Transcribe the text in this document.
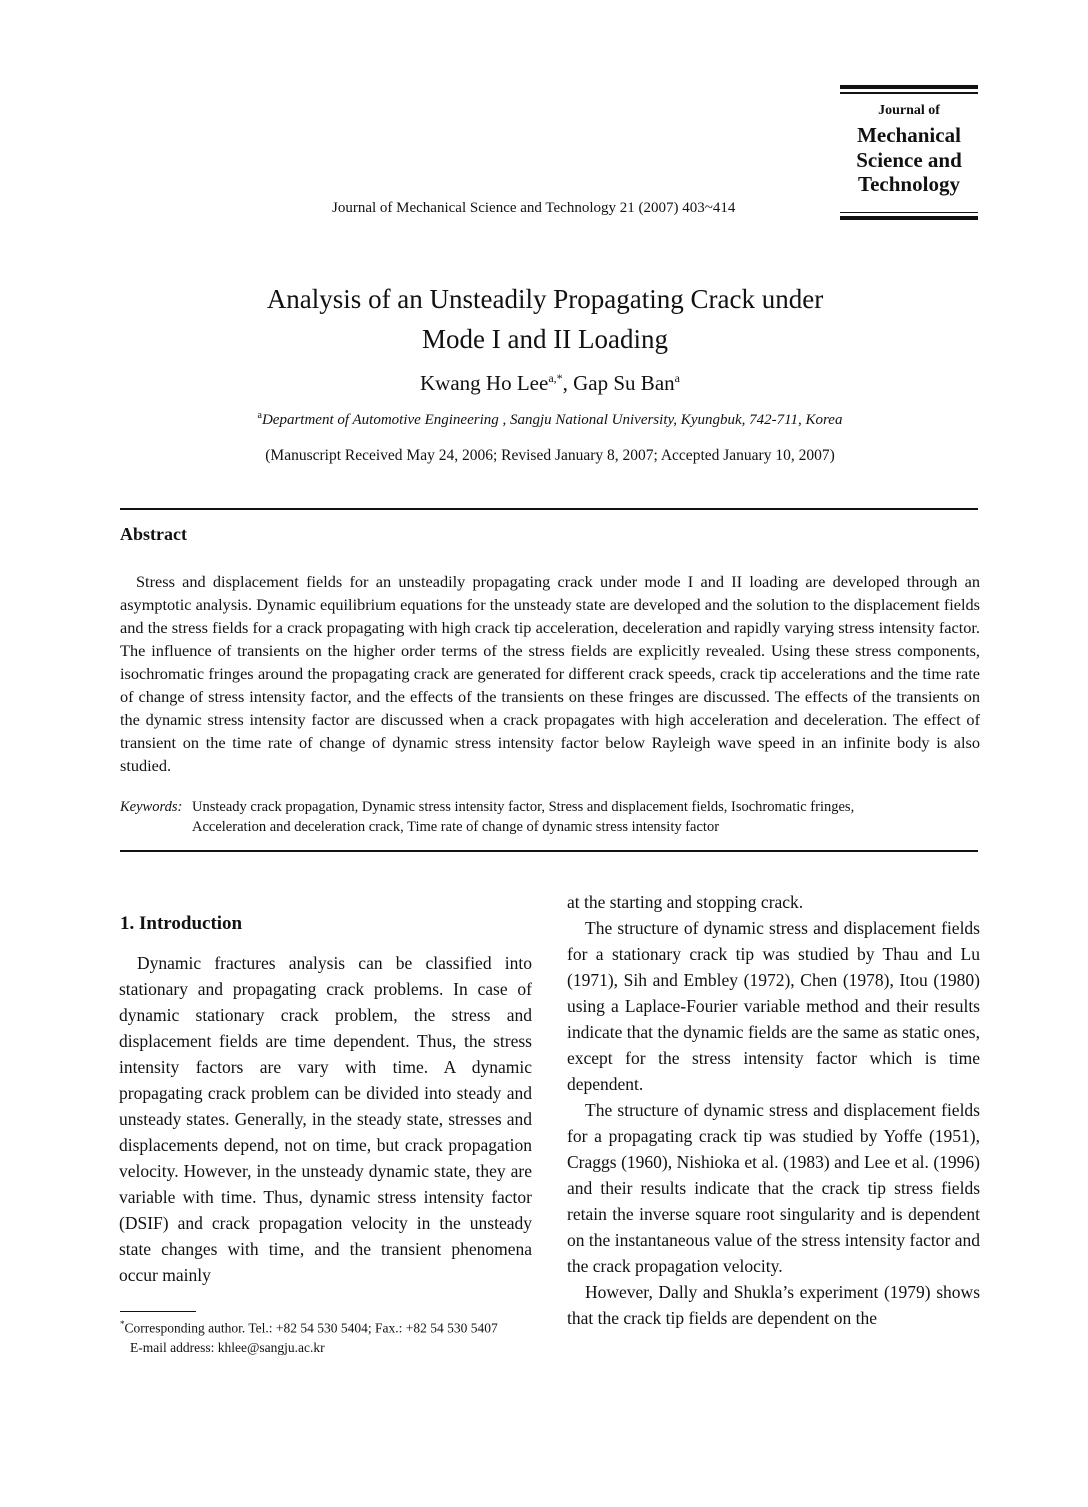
Journal of
Mechanical
Science and
Technology
Journal of Mechanical Science and Technology 21 (2007) 403~414
Analysis of an Unsteadily Propagating Crack under
Mode I and II Loading
Kwang Ho Lee$^{a,*}$, Gap Su Ban$^a$
$^a$Department of Automotive Engineering , Sangju National University, Kyungbuk, 742-711, Korea
(Manuscript Received May 24, 2006; Revised January 8, 2007; Accepted January 10, 2007)
Abstract
Stress and displacement fields for an unsteadily propagating crack under mode I and II loading are developed through an asymptotic analysis. Dynamic equilibrium equations for the unsteady state are developed and the solution to the displacement fields and the stress fields for a crack propagating with high crack tip acceleration, deceleration and rapidly varying stress intensity factor. The influence of transients on the higher order terms of the stress fields are explicitly revealed. Using these stress components, isochromatic fringes around the propagating crack are generated for different crack speeds, crack tip accelerations and the time rate of change of stress intensity factor, and the effects of the transients on these fringes are discussed. The effects of the transients on the dynamic stress intensity factor are discussed when a crack propagates with high acceleration and deceleration. The effect of transient on the time rate of change of dynamic stress intensity factor below Rayleigh wave speed in an infinite body is also studied.
Keywords: Unsteady crack propagation, Dynamic stress intensity factor, Stress and displacement fields, Isochromatic fringes,
Acceleration and deceleration crack, Time rate of change of dynamic stress intensity factor
1. Introduction

Dynamic fractures analysis can be classified into stationary and propagating crack problems. In case of dynamic stationary crack problem, the stress and displacement fields are time dependent. Thus, the stress intensity factors are vary with time. A dynamic propagating crack problem can be divided into steady and unsteady states. Generally, in the steady state, stresses and displacements depend, not on time, but crack propagation velocity. However, in the unsteady dynamic state, they are variable with time. Thus, dynamic stress intensity factor (DSIF) and crack propagation velocity in the unsteady state changes with time, and the transient phenomena occur mainly

at the starting and stopping crack.

The structure of dynamic stress and displacement fields for a stationary crack tip was studied by Thau and Lu (1971), Sih and Embley (1972), Chen (1978), Itou (1980) using a Laplace-Fourier variable method and their results indicate that the dynamic fields are the same as static ones, except for the stress intensity factor which is time dependent.

The structure of dynamic stress and displacement fields for a propagating crack tip was studied by Yoffe (1951), Craggs (1960), Nishioka et al. (1983) and Lee et al. (1996) and their results indicate that the crack tip stress fields retain the inverse square root singularity and is dependent on the instantaneous value of the stress intensity factor and the crack propagation velocity.

However, Dally and Shukla’s experiment (1979) shows that the crack tip fields are dependent on the

*Corresponding author. Tel.: +82 54 530 5404; Fax.: +82 54 530 5407
E-mail address: khlee@sangju.ac.kr
